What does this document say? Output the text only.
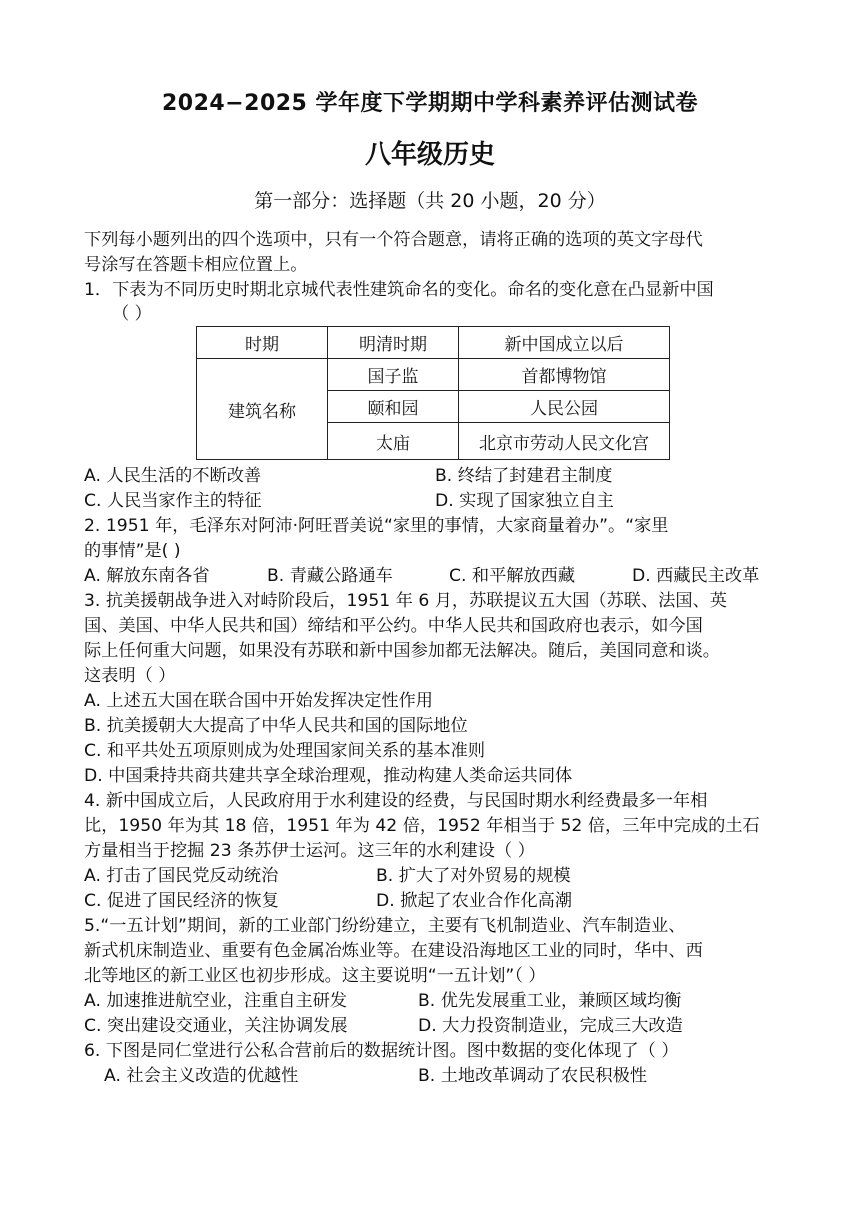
2024−2025 学年度下学期期中学科素养评估测试卷
八年级历史
第一部分：选择题（共 20 小题，20 分）
下列每小题列出的四个选项中，只有一个符合题意，请将正确的选项的英文字母代
号涂写在答题卡相应位置上。
1．下表为不同历史时期北京城代表性建筑命名的变化。命名的变化意在凸显新中国
（ ）
时期	明清时期	新中国成立以后
建筑名称	国子监	首都博物馆
	颐和园	人民公园
	太庙	北京市劳动人民文化宫
A. 人民生活的不断改善	B. 终结了封建君主制度
C. 人民当家作主的特征	D. 实现了国家独立自主
2. 1951 年，毛泽东对阿沛·阿旺晋美说“家里的事情，大家商量着办”。“家里
的事情”是( )
A. 解放东南各省	B. 青藏公路通车	C. 和平解放西藏	D. 西藏民主改革
3. 抗美援朝战争进入对峙阶段后，1951 年 6 月，苏联提议五大国（苏联、法国、英
国、美国、中华人民共和国）缔结和平公约。中华人民共和国政府也表示，如今国
际上任何重大问题，如果没有苏联和新中国参加都无法解决。随后，美国同意和谈。
这表明（ ）
A. 上述五大国在联合国中开始发挥决定性作用
B. 抗美援朝大大提高了中华人民共和国的国际地位
C. 和平共处五项原则成为处理国家间关系的基本准则
D. 中国秉持共商共建共享全球治理观，推动构建人类命运共同体
4. 新中国成立后，人民政府用于水利建设的经费，与民国时期水利经费最多一年相
比，1950 年为其 18 倍，1951 年为 42 倍，1952 年相当于 52 倍，三年中完成的土石
方量相当于挖掘 23 条苏伊士运河。这三年的水利建设（ ）
A. 打击了国民党反动统治	B. 扩大了对外贸易的规模
C. 促进了国民经济的恢复	D. 掀起了农业合作化高潮
5.“一五计划”期间，新的工业部门纷纷建立，主要有飞机制造业、汽车制造业、
新式机床制造业、重要有色金属冶炼业等。在建设沿海地区工业的同时，华中、西
北等地区的新工业区也初步形成。这主要说明“一五计划”（ ）
A. 加速推进航空业，注重自主研发	B. 优先发展重工业，兼顾区域均衡
C. 突出建设交通业，关注协调发展	D. 大力投资制造业，完成三大改造
6. 下图是同仁堂进行公私合营前后的数据统计图。图中数据的变化体现了（ ）
A. 社会主义改造的优越性	B. 土地改革调动了农民积极性
